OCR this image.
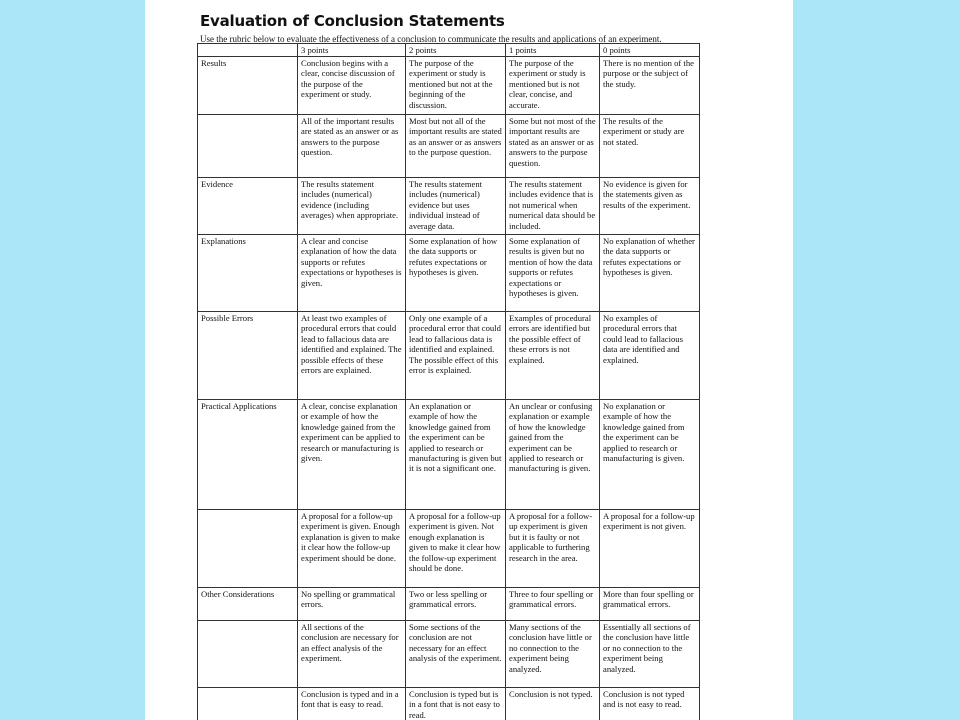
Evaluation of Conclusion Statements
Use the rubric below to evaluate the effectiveness of a conclusion to communicate the results and applications of an experiment.
	3 points	2 points	1 points	0 points
Results	Conclusion begins with a clear, concise discussion of the purpose of the experiment or study.	The purpose of the experiment or study is mentioned but not at the beginning of the discussion.	The purpose of the experiment or study is mentioned but is not clear, concise, and accurate.	There is no mention of the purpose or the subject of the study.
	All of the important results are stated as an answer or as answers to the purpose question.	Most but not all of the important results are stated as an answer or as answers to the purpose question.	Some but not most of the important results are stated as an answer or as answers to the purpose question.	The results of the experiment or study are not stated.
Evidence	The results statement includes (numerical) evidence (including averages) when appropriate.	The results statement includes (numerical) evidence but uses individual instead of average data.	The results statement includes evidence that is not numerical when numerical data should be included.	No evidence is given for the statements given as results of the experiment.
Explanations	A clear and concise explanation of how the data supports or refutes expectations or hypotheses is given.	Some explanation of how the data supports or refutes expectations or hypotheses is given.	Some explanation of results is given but no mention of how the data supports or refutes expectations or hypotheses is given.	No explanation of whether the data supports or refutes expectations or hypotheses is given.
Possible Errors	At least two examples of procedural errors that could lead to fallacious data are identified and explained. The possible effects of these errors are explained.	Only one example of a procedural error that could lead to fallacious data is identified and explained. The possible effect of this error is explained.	Examples of procedural errors are identified but the possible effect of these errors is not explained.	No examples of procedural errors that could lead to fallacious data are identified and explained.
Practical Applications	A clear, concise explanation or example of how the knowledge gained from the experiment can be applied to research or manufacturing is given.	An explanation or example of how the knowledge gained from the experiment can be applied to research or manufacturing is given but it is not a significant one.	An unclear or confusing explanation or example of how the knowledge gained from the experiment can be applied to research or manufacturing is given.	No explanation or example of how the knowledge gained from the experiment can be applied to research or manufacturing is given.
	A proposal for a follow-up experiment is given. Enough explanation is given to make it clear how the follow-up experiment should be done.	A proposal for a follow-up experiment is given. Not enough explanation is given to make it clear how the follow-up experiment should be done.	A proposal for a follow-up experiment is given but it is faulty or not applicable to furthering research in the area.	A proposal for a follow-up experiment is not given.
Other Considerations	No spelling or grammatical errors.	Two or less spelling or grammatical errors.	Three to four spelling or grammatical errors.	More than four spelling or grammatical errors.
	All sections of the conclusion are necessary for an effect analysis of the experiment.	Some sections of the conclusion are not necessary for an effect analysis of the experiment.	Many sections of the conclusion have little or no connection to the experiment being analyzed.	Essentially all sections of the conclusion have little or no connection to the experiment being analyzed.
	Conclusion is typed and in a font that is easy to read.	Conclusion is typed but is in a font that is not easy to read.	Conclusion is not typed.	Conclusion is not typed and is not easy to read.
